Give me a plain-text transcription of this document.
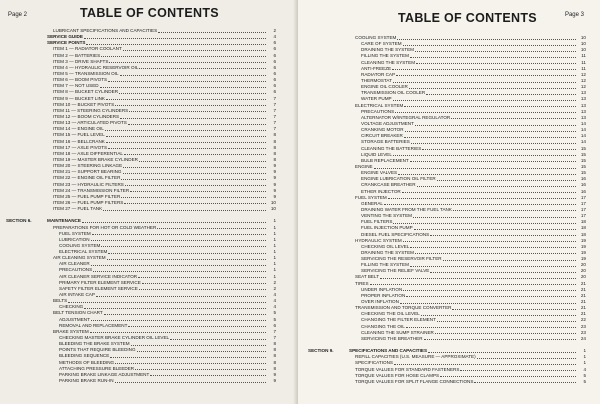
Page 2	TABLE OF CONTENTS
LUBRICANT SPECIFICATIONS AND CAPACITIES	2
SERVICE GUIDE	4
SERVICE POINTS	6
ITEM 1 — RADIATOR COOLANT	6
ITEM 2 — BATTERIES	6
ITEM 3 — DRIVE SHAFTS	6
ITEM 4 — HYDRAULIC RESERVOIR OIL	6
ITEM 5 — TRANSMISSION OIL	6
ITEM 6 — BOOM PIVOTS	6
ITEM 7 — NOT USED	6
ITEM 8 — BUCKET CYLINDER	6
ITEM 9 — BUCKET LINK	7
ITEM 10 — BUCKET PIVOTS	7
ITEM 11 — STEERING CYLINDERS	7
ITEM 12 — BOOM CYLINDERS	7
ITEM 13 — ARTICULATED PIVOTS	7
ITEM 14 — ENGINE OIL	7
ITEM 15 — FUEL LEVEL	8
ITEM 16 — BELLCRANK	8
ITEM 17 — AXLE PIVOTS	8
ITEM 18 — AXLE DIFFERENTIAL	8
ITEM 19 — MASTER BRAKE CYLINDER	8
ITEM 20 — STEERING LINKAGE	9
ITEM 21 — SUPPORT BEARING	9
ITEM 22 — ENGINE OIL FILTER	9
ITEM 23 — HYDRAULIC FILTERS	9
ITEM 24 — TRANSMISSION FILTER	9
ITEM 25 — FUEL PUMP FILTER	9
ITEM 26 — FUEL PUMP FILTERS	10
ITEM 27 — FUEL TANK	10
SECTION 6.	MAINTENANCE	1
PREPARATIONS FOR HOT OR COLD WEATHER	1
FUEL SYSTEM	1
LUBRICATION	1
COOLING SYSTEM	1
ELECTRICAL SYSTEM	1
AIR CLEANING SYSTEM	1
AIR CLEANER	1
PRECAUTIONS	1
AIR CLEANER SERVICE INDICATOR	1
PRIMARY FILTER ELEMENT SERVICE	2
SAFETY FILTER ELEMENT SERVICE	2
AIR INTAKE CAP	4
BELTS	4
CHECKING	4
BELT TENSION CHART	5
ADJUSTMENT	5
REMOVAL AND REPLACEMENT	6
BRAKE SYSTEM	7
CHECKING MASTER BRAKE CYLINDER OIL LEVEL	7
BLEEDING THE BRAKE SYSTEM	8
POINTS THAT REQUIRE BLEEDING	8
BLEEDING SEQUENCE	8
METHODS OF BLEEDING	8
ATTACHING PRESSURE BLEEDER	8
PARKING BRAKE LINKAGE ADJUSTMENT	9
PARKING BRAKE RUN-IN	9
Page 3
TABLE OF CONTENTS
COOLING SYSTEM	10
CARE OF SYSTEM	10
DRAINING THE SYSTEM	10
FILLING THE SYSTEM	11
CLEANING THE SYSTEM	11
ANTI-FREEZE	11
RADIATOR CAP	12
THERMOSTAT	12
ENGINE OIL COOLER	12
TRANSMISSION OIL COOLER	13
WATER PUMP	13
ELECTRICAL SYSTEM	13
PRECAUTIONS	13
ALTERNATOR W/INTEGRAL REGULATOR	13
VOLTAGE ADJUSTMENT	14
CRANKING MOTOR	14
CIRCUIT BREAKER	14
STORAGE BATTERIES	14
CLEANING THE BATTERIES	15
LIQUID LEVEL	15
BULB REPLACEMENT	15
ENGINE	15
ENGINE VALVES	15
ENGINE LUBRICATION OIL FILTER	16
CRANKCASE BREATHER	16
ETHER INJECTOR	16
FUEL SYSTEM	17
GENERAL	17
DRAINING WATER FROM THE FUEL TANK	17
VENTING THE SYSTEM	17
FUEL FILTERS	18
FUEL INJECTION PUMP	18
DIESEL FUEL SPECIFICATIONS	18
HYDRAULIC SYSTEM	19
CHECKING OIL LEVEL	19
DRAINING THE SYSTEM	19
SERVICING THE RESERVOIR FILTER	19
FILLING THE SYSTEM	20
SERVICING THE RELIEF VALVE	20
SEAT BELT	20
TIRES	21
UNDER INFLATION	21
PROPER INFLATION	21
OVER INFLATION	21
TRANSMISSION AND TORQUE CONVERTER	21
CHECKING THE OIL LEVEL	21
CHANGING THE FILTER ELEMENT	22
CHANGING THE OIL	23
CLEANING THE SUMP STRAINER	23
SERVICING THE BREATHER	24
SECTION 9.	SPECIFICATIONS AND CAPACITIES	1
REFILL CAPACITIES (U.S. MEASURE — APPROXIMATE)	1
SPECIFICATIONS	1
TORQUE VALUES FOR STANDARD FASTENERS	4
TORQUE VALUES FOR HOSE CLAMPS	5
TORQUE VALUES FOR SPLIT FLANGE CONNECTIONS	5
